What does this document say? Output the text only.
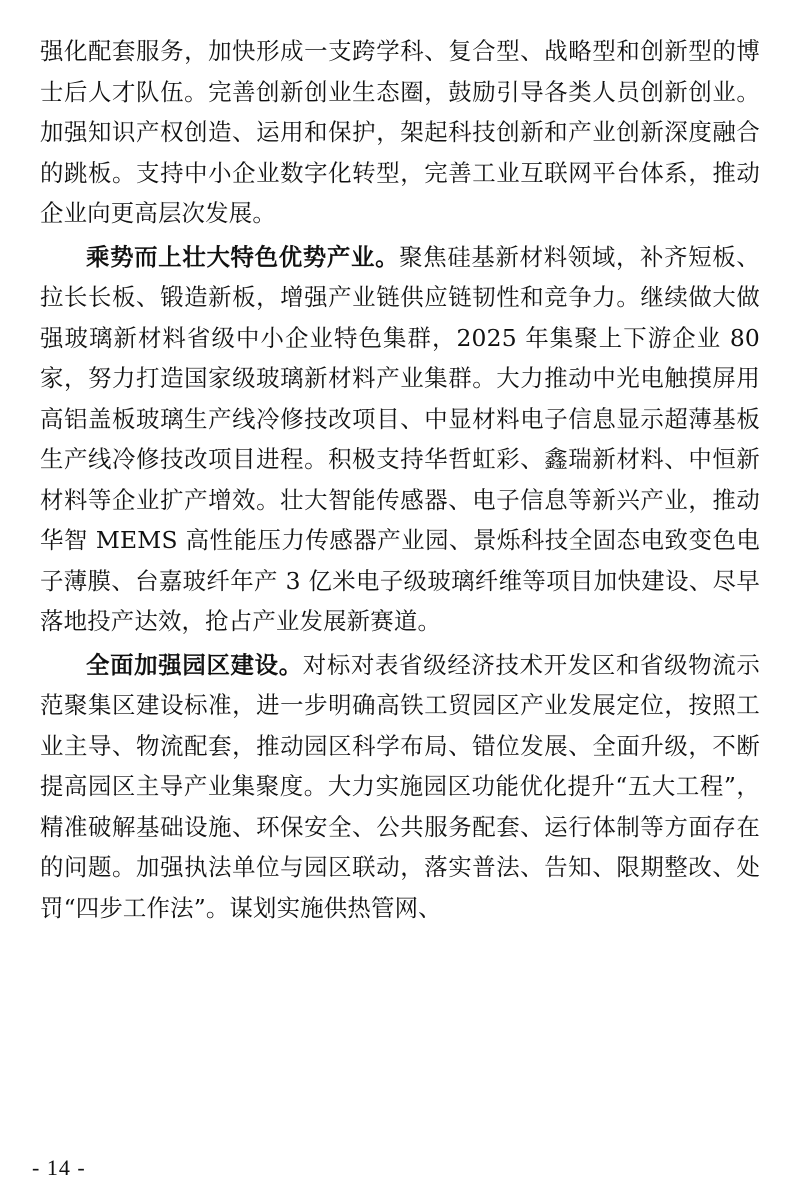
强化配套服务，加快形成一支跨学科、复合型、战略型和创新型的博士后人才队伍。完善创新创业生态圈，鼓励引导各类人员创新创业。加强知识产权创造、运用和保护，架起科技创新和产业创新深度融合的跳板。支持中小企业数字化转型，完善工业互联网平台体系，推动企业向更高层次发展。

乘势而上壮大特色优势产业。聚焦硅基新材料领域，补齐短板、拉长长板、锻造新板，增强产业链供应链韧性和竞争力。继续做大做强玻璃新材料省级中小企业特色集群，2025 年集聚上下游企业 80 家，努力打造国家级玻璃新材料产业集群。大力推动中光电触摸屏用高铝盖板玻璃生产线冷修技改项目、中显材料电子信息显示超薄基板生产线冷修技改项目进程。积极支持华哲虹彩、鑫瑞新材料、中恒新材料等企业扩产增效。壮大智能传感器、电子信息等新兴产业，推动华智 MEMS 高性能压力传感器产业园、景烁科技全固态电致变色电子薄膜、台嘉玻纤年产 3 亿米电子级玻璃纤维等项目加快建设、尽早落地投产达效，抢占产业发展新赛道。

全面加强园区建设。对标对表省级经济技术开发区和省级物流示范聚集区建设标准，进一步明确高铁工贸园区产业发展定位，按照工业主导、物流配套，推动园区科学布局、错位发展、全面升级，不断提高园区主导产业集聚度。大力实施园区功能优化提升“五大工程”，精准破解基础设施、环保安全、公共服务配套、运行体制等方面存在的问题。加强执法单位与园区联动，落实普法、告知、限期整改、处罚“四步工作法”。谋划实施供热管网、

- 14 -
